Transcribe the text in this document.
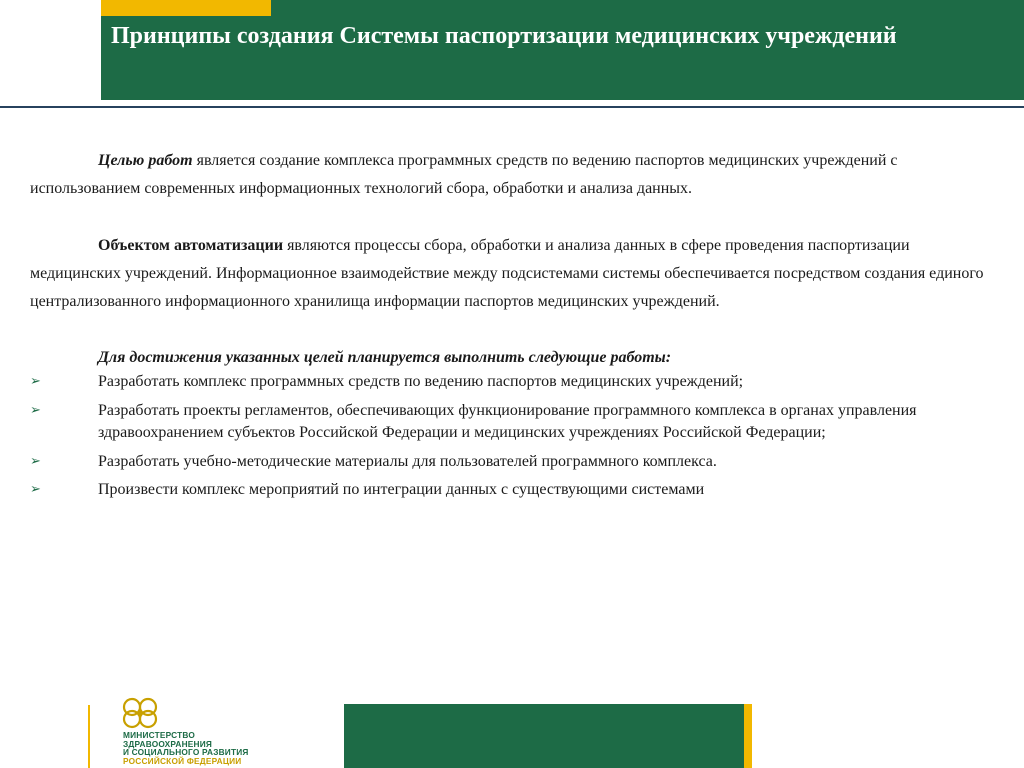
Принципы создания Системы паспортизации медицинских учреждений

Целью работ является создание комплекса программных средств по ведению паспортов медицинских учреждений с использованием современных информационных технологий сбора, обработки и анализа данных.

Объектом автоматизации являются процессы сбора, обработки и анализа данных в сфере проведения паспортизации медицинских учреждений. Информационное взаимодействие между подсистемами системы обеспечивается посредством создания единого централизованного информационного хранилища информации паспортов медицинских учреждений.

Для достижения указанных целей планируется выполнить следующие работы:

➢	Разработать комплекс программных средств по ведению паспортов медицинских учреждений;
➢	Разработать проекты регламентов, обеспечивающих функционирование программного комплекса в органах управления здравоохранением субъектов Российской Федерации и медицинских учреждениях Российской Федерации;
➢	Разработать учебно-методические материалы для пользователей программного комплекса.
➢	Произвести комплекс мероприятий по интеграции данных с существующими системами
МИНИСТЕРСТВО
ЗДРАВООХРАНЕНИЯ
И СОЦИАЛЬНОГО РАЗВИТИЯ
РОССИЙСКОЙ ФЕДЕРАЦИИ
